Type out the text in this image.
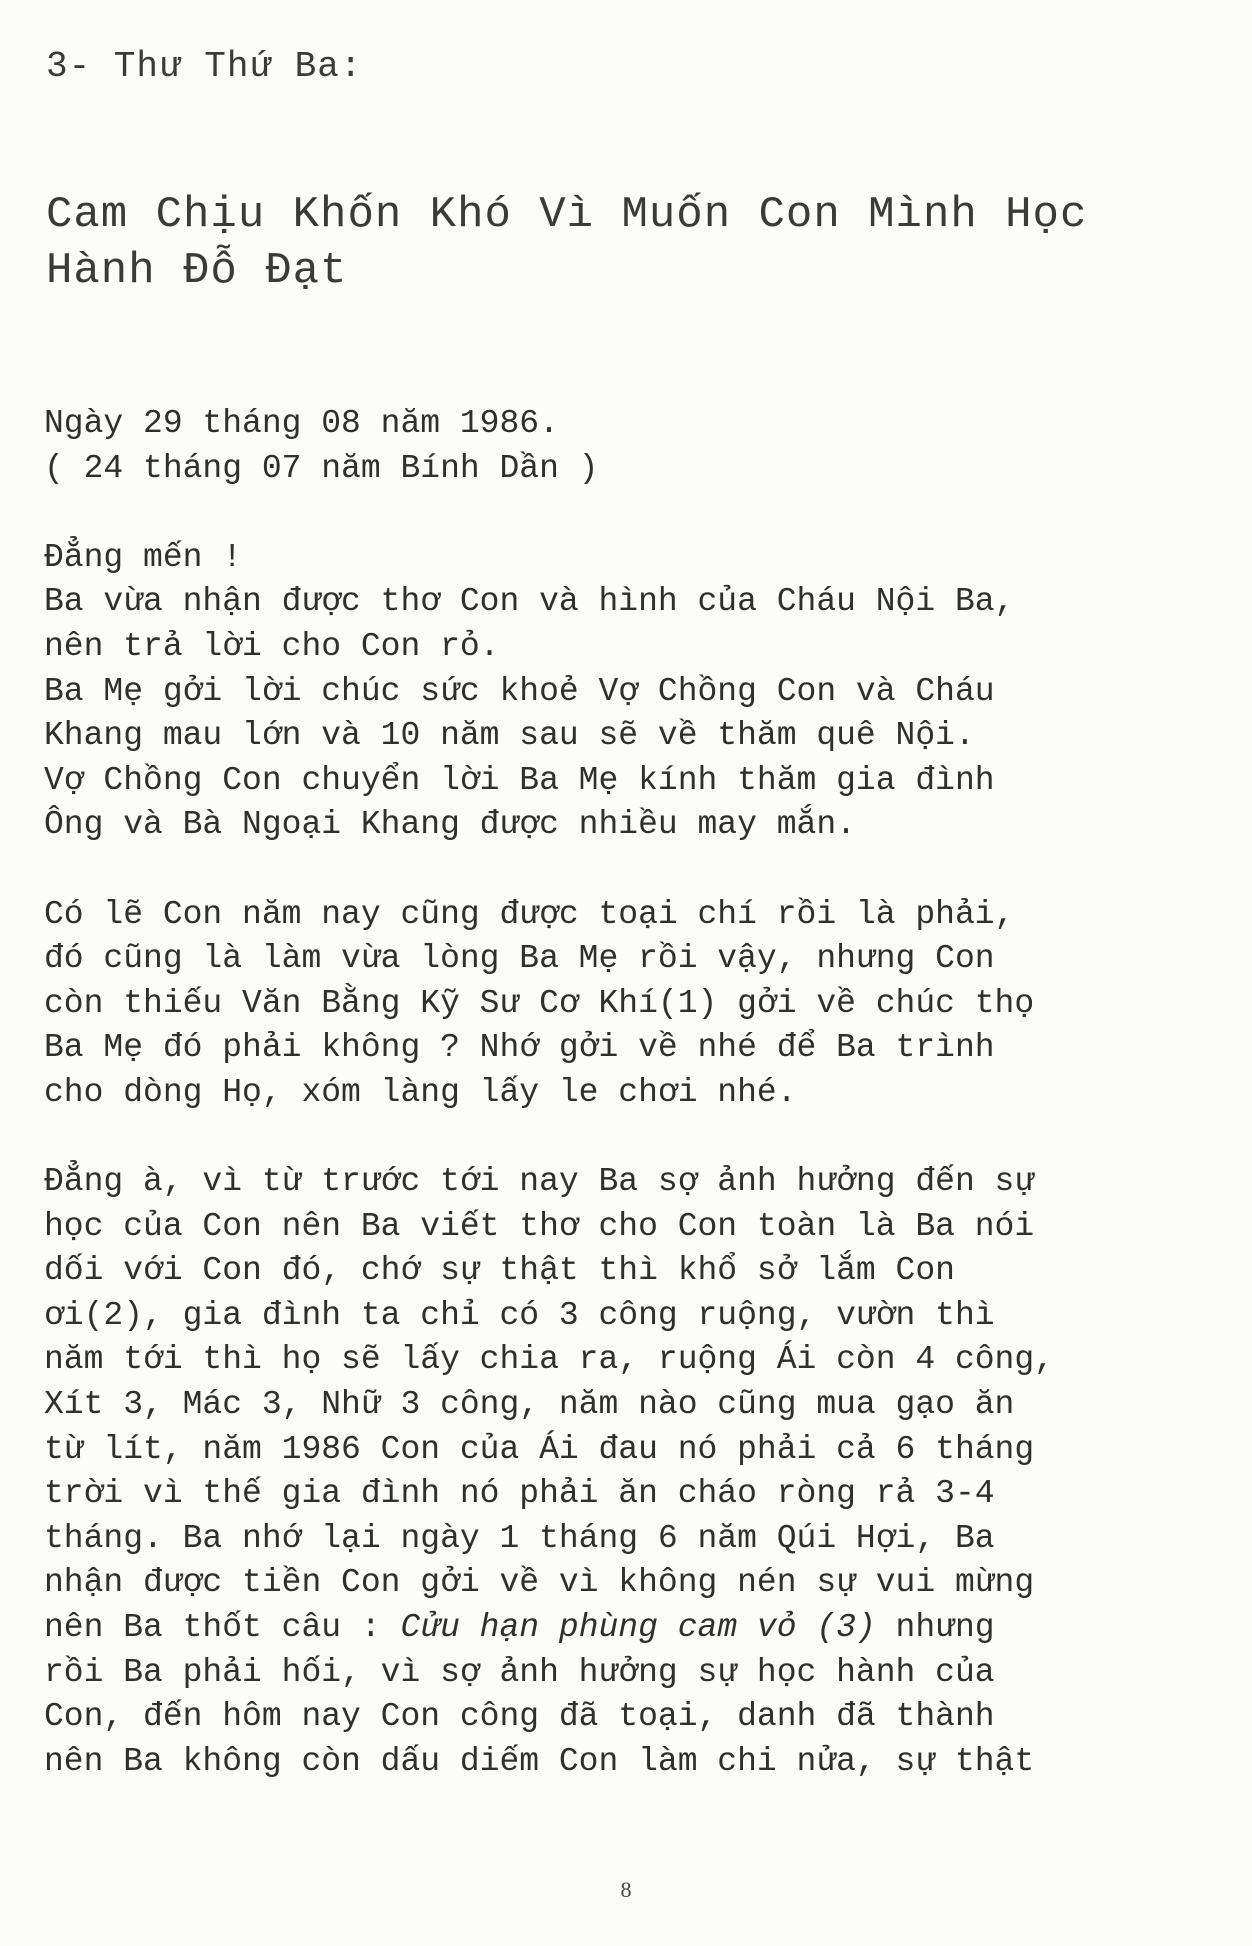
3- Thư Thứ Ba:
Cam Chịu Khốn Khó Vì Muốn Con Mình Học
Hành Đỗ Đạt
Ngày 29 tháng 08 năm 1986.
( 24 tháng 07 năm Bính Dần )
Đẳng mến !
Ba vừa nhận được thơ Con và hình của Cháu Nội Ba,
nên trả lời cho Con rỏ.
Ba Mẹ gởi lời chúc sức khoẻ Vợ Chồng Con và Cháu
Khang mau lớn và 10 năm sau sẽ về thăm quê Nội.
Vợ Chồng Con chuyển lời Ba Mẹ kính thăm gia đình
Ông và Bà Ngoại Khang được nhiều may mắn.
Có lẽ Con năm nay cũng được toại chí rồi là phải,
đó cũng là làm vừa lòng Ba Mẹ rồi vậy, nhưng Con
còn thiếu Văn Bằng Kỹ Sư Cơ Khí(1) gởi về chúc thọ
Ba Mẹ đó phải không ? Nhớ gởi về nhé để Ba trình
cho dòng Họ, xóm làng lấy le chơi nhé.
Đẳng à, vì từ trước tới nay Ba sợ ảnh hưởng đến sự
học của Con nên Ba viết thơ cho Con toàn là Ba nói
dối với Con đó, chớ sự thật thì khổ sở lắm Con
ơi(2), gia đình ta chỉ có 3 công ruộng, vườn thì
năm tới thì họ sẽ lấy chia ra, ruộng Ái còn 4 công,
Xít 3, Mác 3, Nhữ 3 công, năm nào cũng mua gạo ăn
từ lít, năm 1986 Con của Ái đau nó phải cả 6 tháng
trời vì thế gia đình nó phải ăn cháo ròng rả 3-4
tháng. Ba nhớ lại ngày 1 tháng 6 năm Qúi Hợi, Ba
nhận được tiền Con gởi về vì không nén sự vui mừng
nên Ba thốt câu : Cửu hạn phùng cam vỏ (3) nhưng
rồi Ba phải hối, vì sợ ảnh hưởng sự học hành của
Con, đến hôm nay Con công đã toại, danh đã thành
nên Ba không còn dấu diếm Con làm chi nửa, sự thật
8
